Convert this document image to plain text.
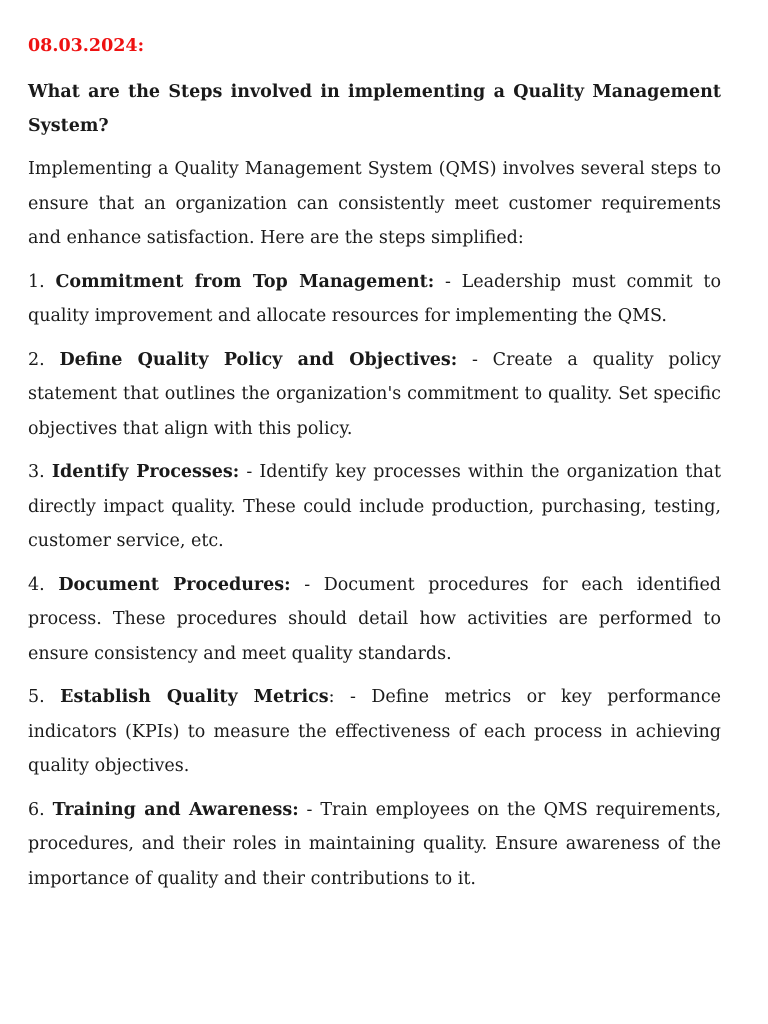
08.03.2024:
What are the Steps involved in implementing a Quality Management System?
Implementing a Quality Management System (QMS) involves several steps to ensure that an organization can consistently meet customer requirements and enhance satisfaction. Here are the steps simplified:
1. Commitment from Top Management: - Leadership must commit to quality improvement and allocate resources for implementing the QMS.
2. Define Quality Policy and Objectives: - Create a quality policy statement that outlines the organization's commitment to quality. Set specific objectives that align with this policy.
3. Identify Processes: - Identify key processes within the organization that directly impact quality. These could include production, purchasing, testing, customer service, etc.
4. Document Procedures: - Document procedures for each identified process. These procedures should detail how activities are performed to ensure consistency and meet quality standards.
5. Establish Quality Metrics: - Define metrics or key performance indicators (KPIs) to measure the effectiveness of each process in achieving quality objectives.
6. Training and Awareness: - Train employees on the QMS requirements, procedures, and their roles in maintaining quality. Ensure awareness of the importance of quality and their contributions to it.
